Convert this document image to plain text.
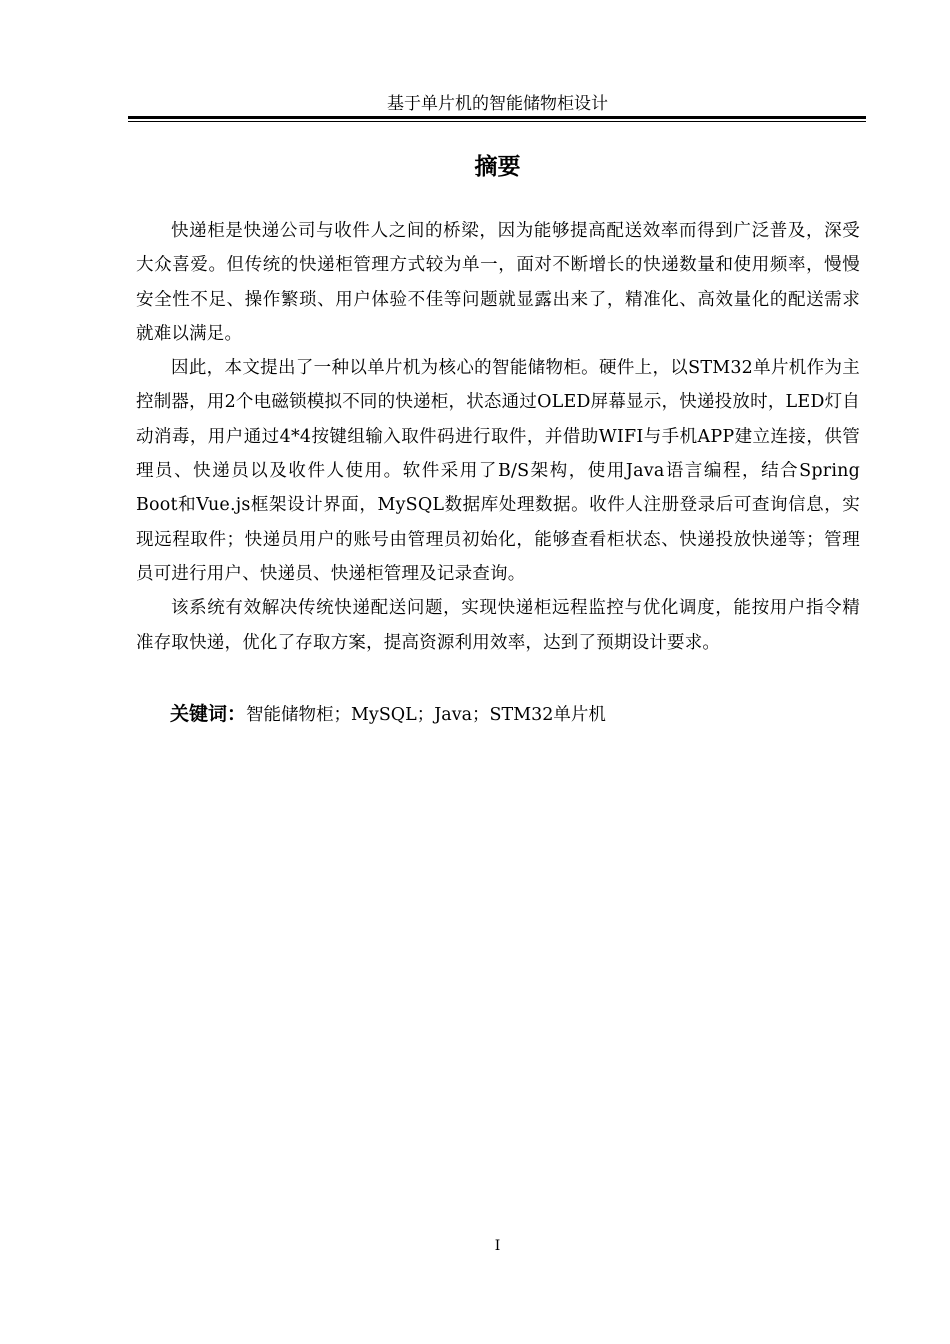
基于单片机的智能储物柜设计
摘要

快递柜是快递公司与收件人之间的桥梁，因为能够提高配送效率而得到广泛普及，深受大众喜爱。但传统的快递柜管理方式较为单一，面对不断增长的快递数量和使用频率，慢慢安全性不足、操作繁琐、用户体验不佳等问题就显露出来了，精准化、高效量化的配送需求就难以满足。

因此，本文提出了一种以单片机为核心的智能储物柜。硬件上，以STM32单片机作为主控制器，用2个电磁锁模拟不同的快递柜，状态通过OLED屏幕显示，快递投放时，LED灯自动消毒，用户通过4*4按键组输入取件码进行取件，并借助WIFI与手机APP建立连接，供管理员、快递员以及收件人使用。软件采用了B/S架构，使用Java语言编程，结合Spring Boot和Vue.js框架设计界面，MySQL数据库处理数据。收件人注册登录后可查询信息，实现远程取件；快递员用户的账号由管理员初始化，能够查看柜状态、快递投放快递等；管理员可进行用户、快递员、快递柜管理及记录查询。

该系统有效解决传统快递配送问题，实现快递柜远程监控与优化调度，能按用户指令精准存取快递，优化了存取方案，提高资源利用效率，达到了预期设计要求。

关键词：智能储物柜；MySQL；Java；STM32单片机
I
